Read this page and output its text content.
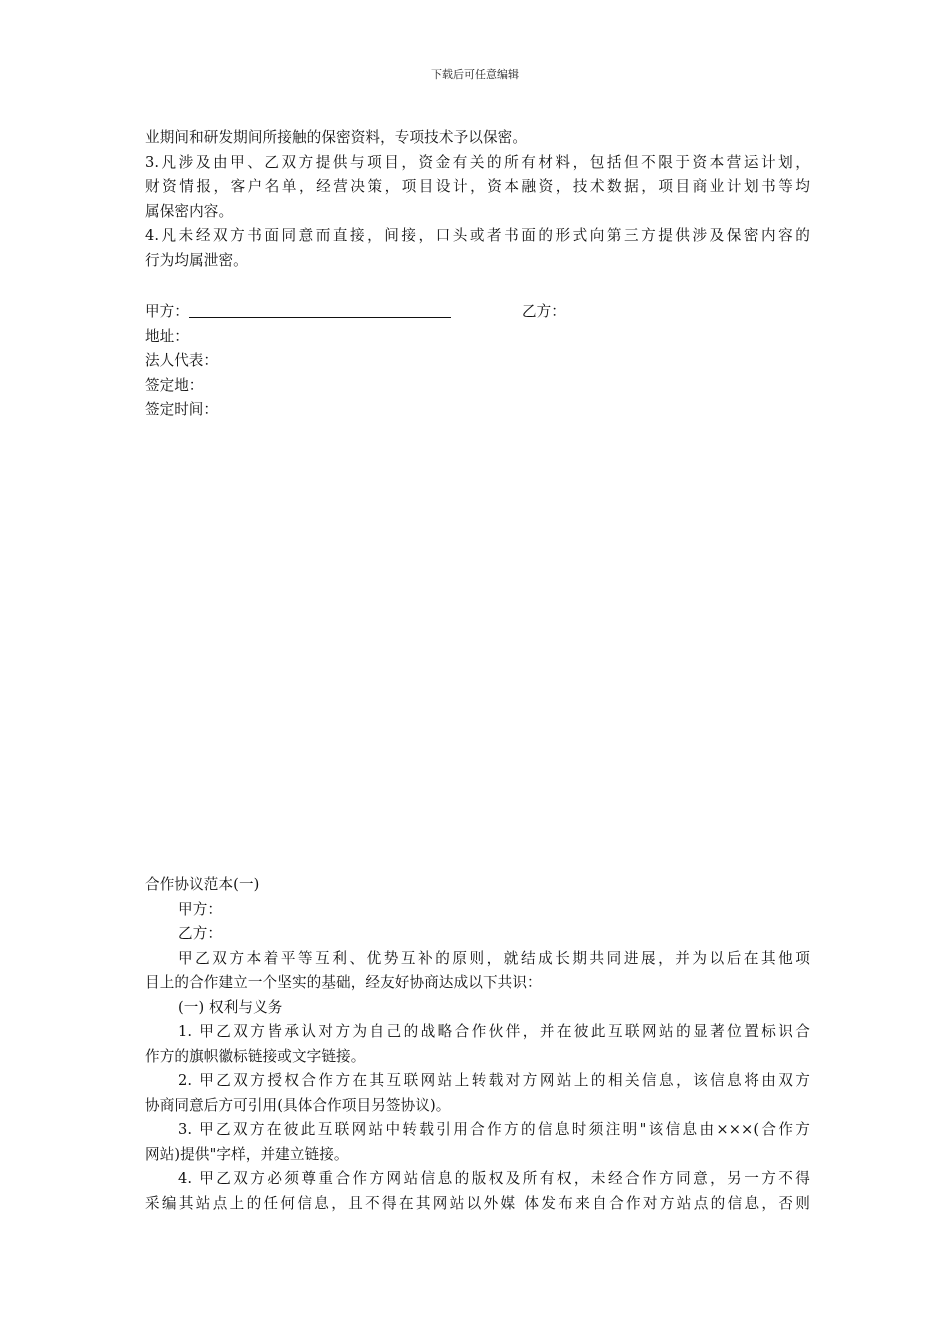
下载后可任意编辑
业期间和研发期间所接触的保密资料，专项技术予以保密。
3.凡涉及由甲、乙双方提供与项目，资金有关的所有材料，包括但不限于资本营运计划，
财资情报，客户名单，经营决策，项目设计，资本融资，技术数据，项目商业计划书等均
属保密内容。
4.凡未经双方书面同意而直接，间接，口头或者书面的形式向第三方提供涉及保密内容的
行为均属泄密。
甲方：	乙方：
地址：
法人代表：
签定地：
签定时间：
合作协议范本(一)
甲方：
乙方：
甲乙双方本着平等互利、优势互补的原则，就结成长期共同进展，并为以后在其他项
目上的合作建立一个坚实的基础，经友好协商达成以下共识：
(一) 权利与义务
1. 甲乙双方皆承认对方为自己的战略合作伙伴，并在彼此互联网站的显著位置标识合
作方的旗帜徽标链接或文字链接。
2. 甲乙双方授权合作方在其互联网站上转载对方网站上的相关信息，该信息将由双方
协商同意后方可引用(具体合作项目另签协议)。
3. 甲乙双方在彼此互联网站中转载引用合作方的信息时须注明"该信息由×××(合作方
网站)提供"字样，并建立链接。
4. 甲乙双方必须尊重合作方网站信息的版权及所有权，未经合作方同意，另一方不得
采编其站点上的任何信息，且不得在其网站以外媒 体发布来自合作对方站点的信息，否则
